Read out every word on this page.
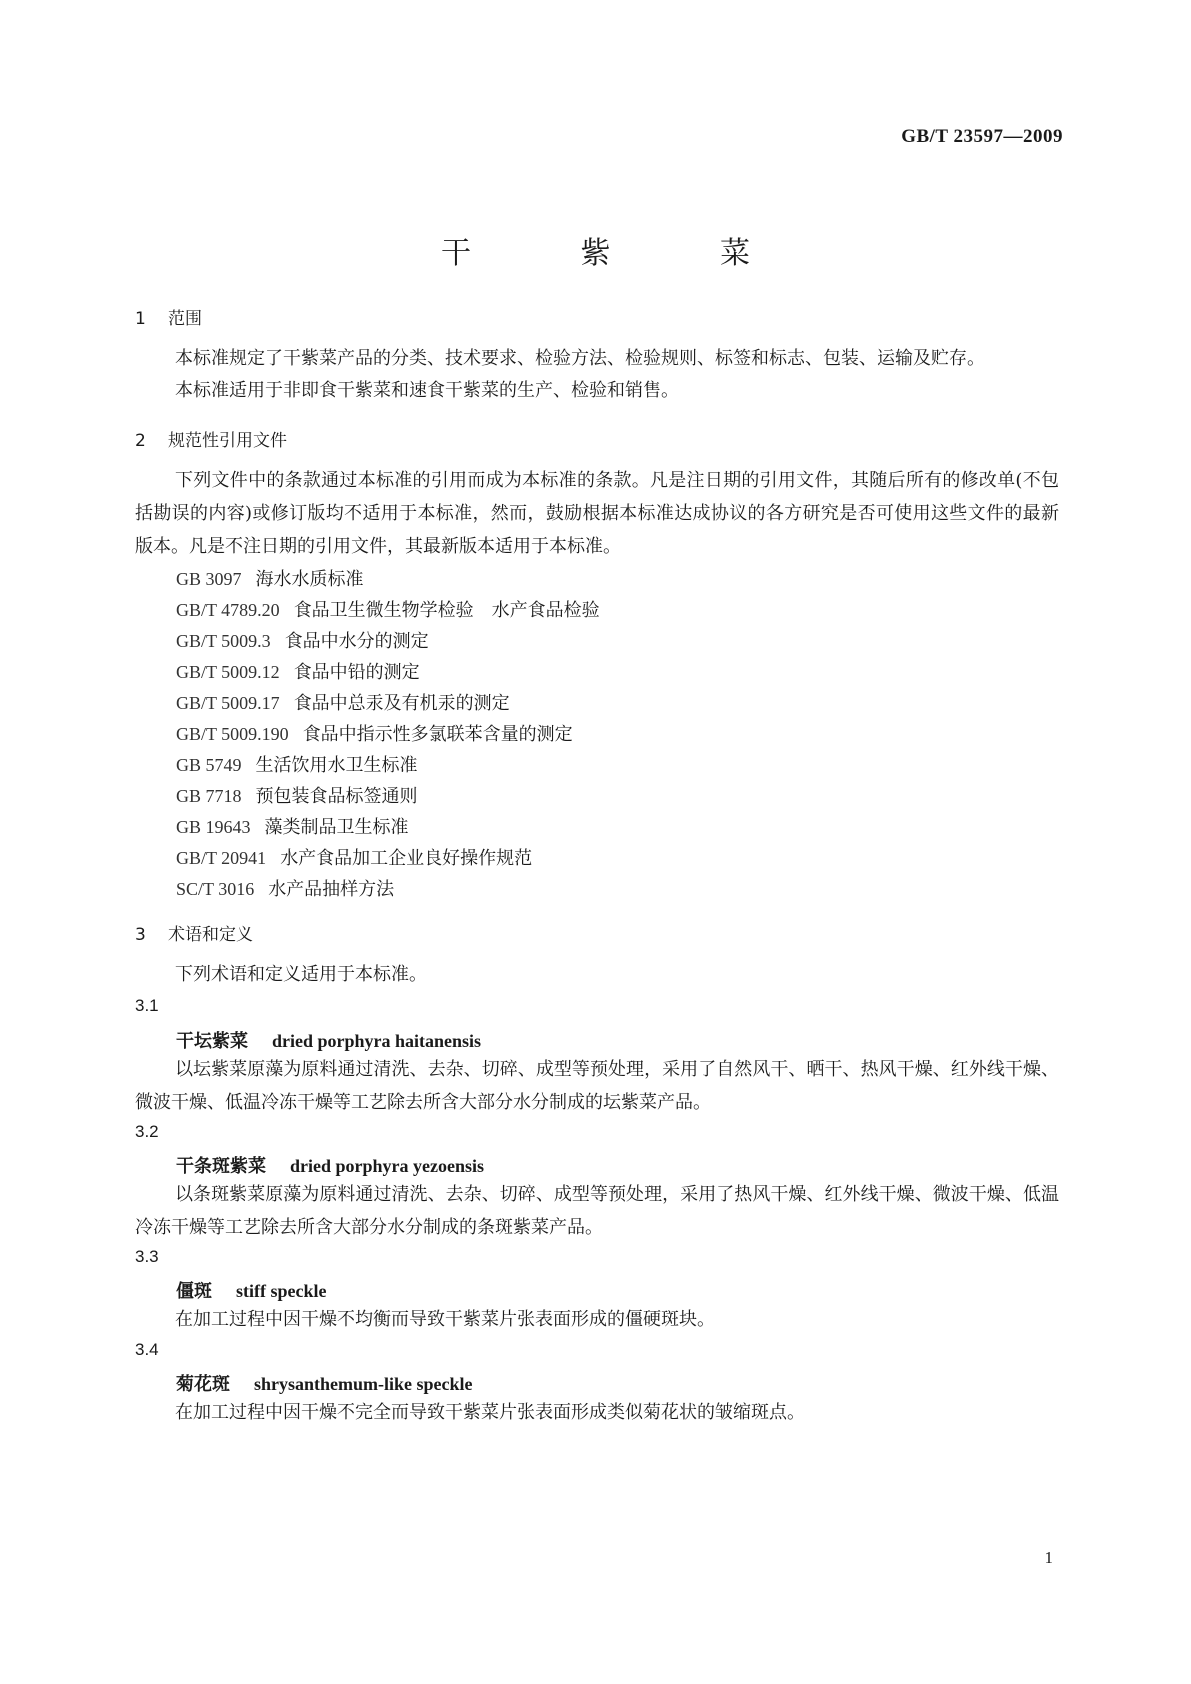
GB/T 23597—2009
干 紫 菜
1 范围
本标准规定了干紫菜产品的分类、技术要求、检验方法、检验规则、标签和标志、包装、运输及贮存。
本标准适用于非即食干紫菜和速食干紫菜的生产、检验和销售。
2 规范性引用文件
下列文件中的条款通过本标准的引用而成为本标准的条款。凡是注日期的引用文件，其随后所有的修改单(不包括勘误的内容)或修订版均不适用于本标准，然而，鼓励根据本标准达成协议的各方研究是否可使用这些文件的最新版本。凡是不注日期的引用文件，其最新版本适用于本标准。
GB 3097 海水水质标准
GB/T 4789.20 食品卫生微生物学检验　水产食品检验
GB/T 5009.3 食品中水分的测定
GB/T 5009.12 食品中铅的测定
GB/T 5009.17 食品中总汞及有机汞的测定
GB/T 5009.190 食品中指示性多氯联苯含量的测定
GB 5749 生活饮用水卫生标准
GB 7718 预包装食品标签通则
GB 19643 藻类制品卫生标准
GB/T 20941 水产食品加工企业良好操作规范
SC/T 3016 水产品抽样方法
3 术语和定义
下列术语和定义适用于本标准。
3.1
干坛紫菜 dried porphyra haitanensis
以坛紫菜原藻为原料通过清洗、去杂、切碎、成型等预处理，采用了自然风干、晒干、热风干燥、红外线干燥、微波干燥、低温冷冻干燥等工艺除去所含大部分水分制成的坛紫菜产品。
3.2
干条斑紫菜 dried porphyra yezoensis
以条斑紫菜原藻为原料通过清洗、去杂、切碎、成型等预处理，采用了热风干燥、红外线干燥、微波干燥、低温冷冻干燥等工艺除去所含大部分水分制成的条斑紫菜产品。
3.3
僵斑 stiff speckle
在加工过程中因干燥不均衡而导致干紫菜片张表面形成的僵硬斑块。
3.4
菊花斑 shrysanthemum-like speckle
在加工过程中因干燥不完全而导致干紫菜片张表面形成类似菊花状的皱缩斑点。
1
